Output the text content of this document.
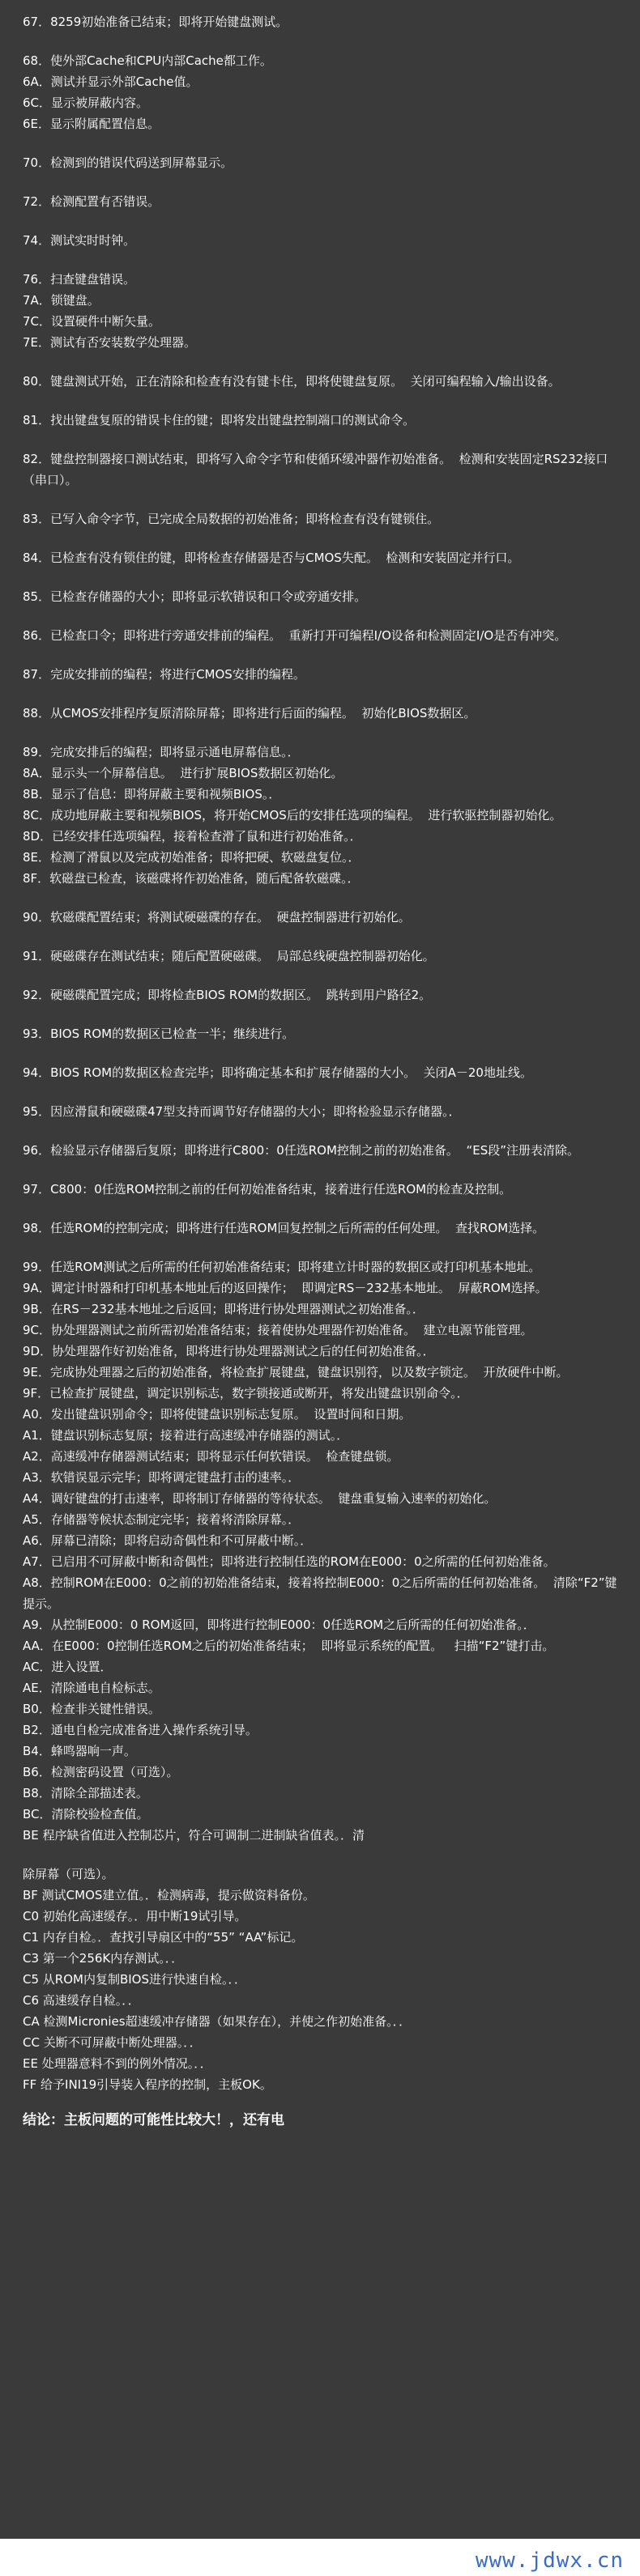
67．8259初始准备已结束；即将开始键盘测试。
68．使外部Cache和CPU内部Cache都工作。
6A．测试并显示外部Cache值。
6C．显示被屏蔽内容。
6E．显示附属配置信息。
70．检测到的错误代码送到屏幕显示。
72．检测配置有否错误。
74．测试实时时钟。
76．扫查键盘错误。
7A．锁键盘。
7C．设置硬件中断矢量。
7E．测试有否安装数学处理器。
80．键盘测试开始，正在清除和检查有没有键卡住，即将使键盘复原。  关闭可编程输入/输出设备。
81．找出键盘复原的错误卡住的键；即将发出键盘控制端口的测试命令。
82．键盘控制器接口测试结束，即将写入命令字节和使循环缓冲器作初始准备。  检测和安装固定RS232接口（串口）。
83．已写入命令字节，已完成全局数据的初始准备；即将检查有没有键锁住。
84．已检查有没有锁住的键，即将检查存储器是否与CMOS失配。  检测和安装固定并行口。
85．已检查存储器的大小；即将显示软错误和口令或旁通安排。
86．已检查口令；即将进行旁通安排前的编程。  重新打开可编程I/O设备和检测固定I/O是否有冲突。
87．完成安排前的编程；将进行CMOS安排的编程。
88．从CMOS安排程序复原清除屏幕；即将进行后面的编程。  初始化BIOS数据区。
89．完成安排后的编程；即将显示通电屏幕信息。．
8A．显示头一个屏幕信息。  进行扩展BIOS数据区初始化。
8B．显示了信息：即将屏蔽主要和视频BIOS。．
8C．成功地屏蔽主要和视频BIOS，将开始CMOS后的安排任选项的编程。  进行软驱控制器初始化。
8D．已经安排任选项编程，接着检查滑了鼠和进行初始准备。．
8E．检测了滑鼠以及完成初始准备；即将把硬、软磁盘复位。．
8F．软磁盘已检查，该磁碟将作初始准备，随后配备软磁碟。．
90．软磁碟配置结束；将测试硬磁碟的存在。  硬盘控制器进行初始化。
91．硬磁碟存在测试结束；随后配置硬磁碟。  局部总线硬盘控制器初始化。
92．硬磁碟配置完成；即将检查BIOS ROM的数据区。  跳转到用户路径2。
93．BIOS ROM的数据区已检查一半；继续进行。
94．BIOS ROM的数据区检查完毕；即将确定基本和扩展存储器的大小。  关闭A－20地址线。
95．因应滑鼠和硬磁碟47型支持而调节好存储器的大小；即将检验显示存储器。．
96．检验显示存储器后复原；即将进行C800：0任选ROM控制之前的初始准备。  “ES段”注册表清除。
97．C800：0任选ROM控制之前的任何初始准备结束，接着进行任选ROM的检查及控制。
98．任选ROM的控制完成；即将进行任选ROM回复控制之后所需的任何处理。  查找ROM选择。
99．任选ROM测试之后所需的任何初始准备结束；即将建立计时器的数据区或打印机基本地址。
9A．调定计时器和打印机基本地址后的返回操作；  即调定RS－232基本地址。  屏蔽ROM选择。
9B．在RS－232基本地址之后返回；即将进行协处理器测试之初始准备。．
9C．协处理器测试之前所需初始准备结束；接着使协处理器作初始准备。  建立电源节能管理。
9D．协处理器作好初始准备，即将进行协处理器测试之后的任何初始准备。．
9E．完成协处理器之后的初始准备，将检查扩展键盘，键盘识别符，以及数字锁定。  开放硬件中断。
9F．已检查扩展键盘，调定识别标志，数字锁接通或断开，将发出键盘识别命令。．
A0．发出键盘识别命令；即将使键盘识别标志复原。  设置时间和日期。
A1．键盘识别标志复原；接着进行高速缓冲存储器的测试。．
A2．高速缓冲存储器测试结束；即将显示任何软错误。  检查键盘锁。
A3．软错误显示完毕；即将调定键盘打击的速率。．
A4．调好键盘的打击速率，即将制订存储器的等待状态。  键盘重复输入速率的初始化。
A5．存储器等候状态制定完毕；接着将清除屏幕。．
A6．屏幕已清除；即将启动奇偶性和不可屏蔽中断。．
A7．已启用不可屏蔽中断和奇偶性；即将进行控制任选的ROM在E000：0之所需的任何初始准备。
A8．控制ROM在E000：0之前的初始准备结束，接着将控制E000：0之后所需的任何初始准备。  清除“F2”键提示。
A9．从控制E000：0 ROM返回，即将进行控制E000：0任选ROM之后所需的任何初始准备。．
AA．在E000：0控制任选ROM之后的初始准备结束；  即将显示系统的配置。   扫描“F2”键打击。
AC．进入设置．
AE．清除通电自检标志。
B0．检查非关键性错误。
B2．通电自检完成准备进入操作系统引导。
B4．蜂鸣器响一声。
B6．检测密码设置（可选）。
B8．清除全部描述表。
BC．清除校验检查值。
BE 程序缺省值进入控制芯片，符合可调制二进制缺省值表。．清
除屏幕（可选）。
BF 测试CMOS建立值。．检测病毒，提示做资料备份。
C0 初始化高速缓存。．用中断19试引导。
C1 内存自检。．查找引导扇区中的“55” “AA”标记。
C3 第一个256K内存测试。．．
C5 从ROM内复制BIOS进行快速自检。．．
C6 高速缓存自检。．．
CA 检测Micronies超速缓冲存储器（如果存在），并使之作初始准备。．．
CC 关断不可屏蔽中断处理器。．．
EE 处理器意料不到的例外情况。．．
FF 给予INI19引导装入程序的控制，主板OK。
结论：主板问题的可能性比较大！，还有电
www.jdwx.cn
